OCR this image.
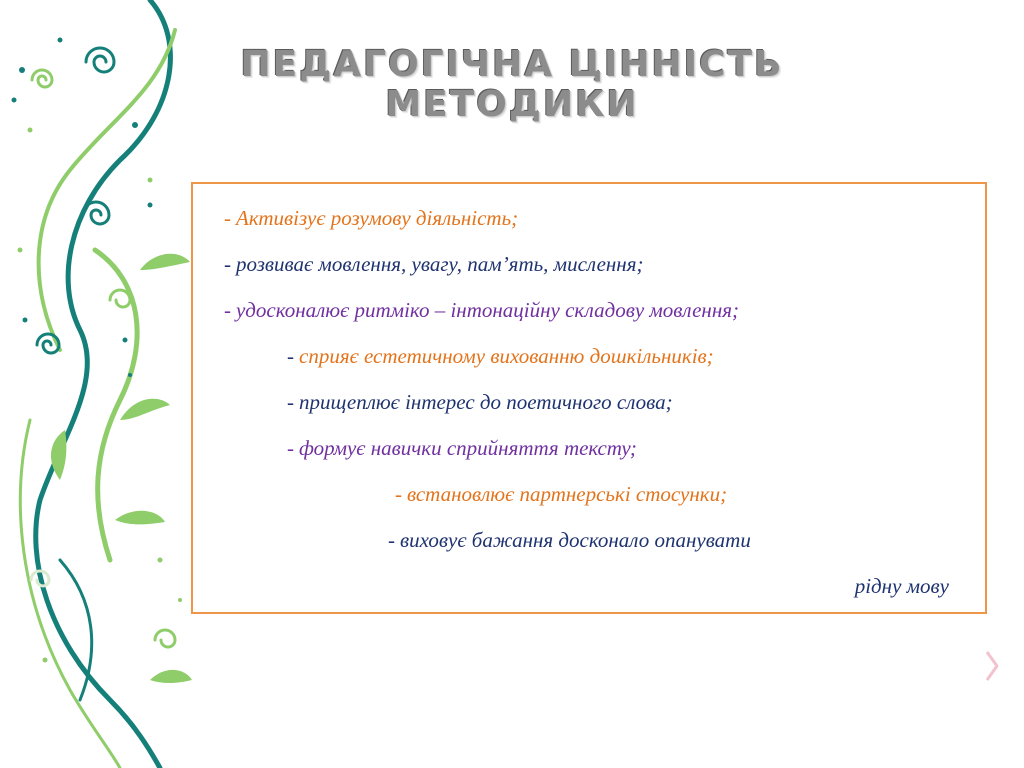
ПЕДАГОГІЧНА ЦІННІСТЬ
МЕТОДИКИ
- Активізує розумову діяльність;
- розвиває мовлення, увагу, пам’ять, мислення;
- удосконалює ритміко – інтонаційну складову мовлення;
- сприяє естетичному вихованню дошкільників;
- прищеплює інтерес до поетичного слова;
- формує навички сприйняття тексту;
- встановлює партнерські стосунки;
- виховує бажання досконало опанувати
рідну мову
